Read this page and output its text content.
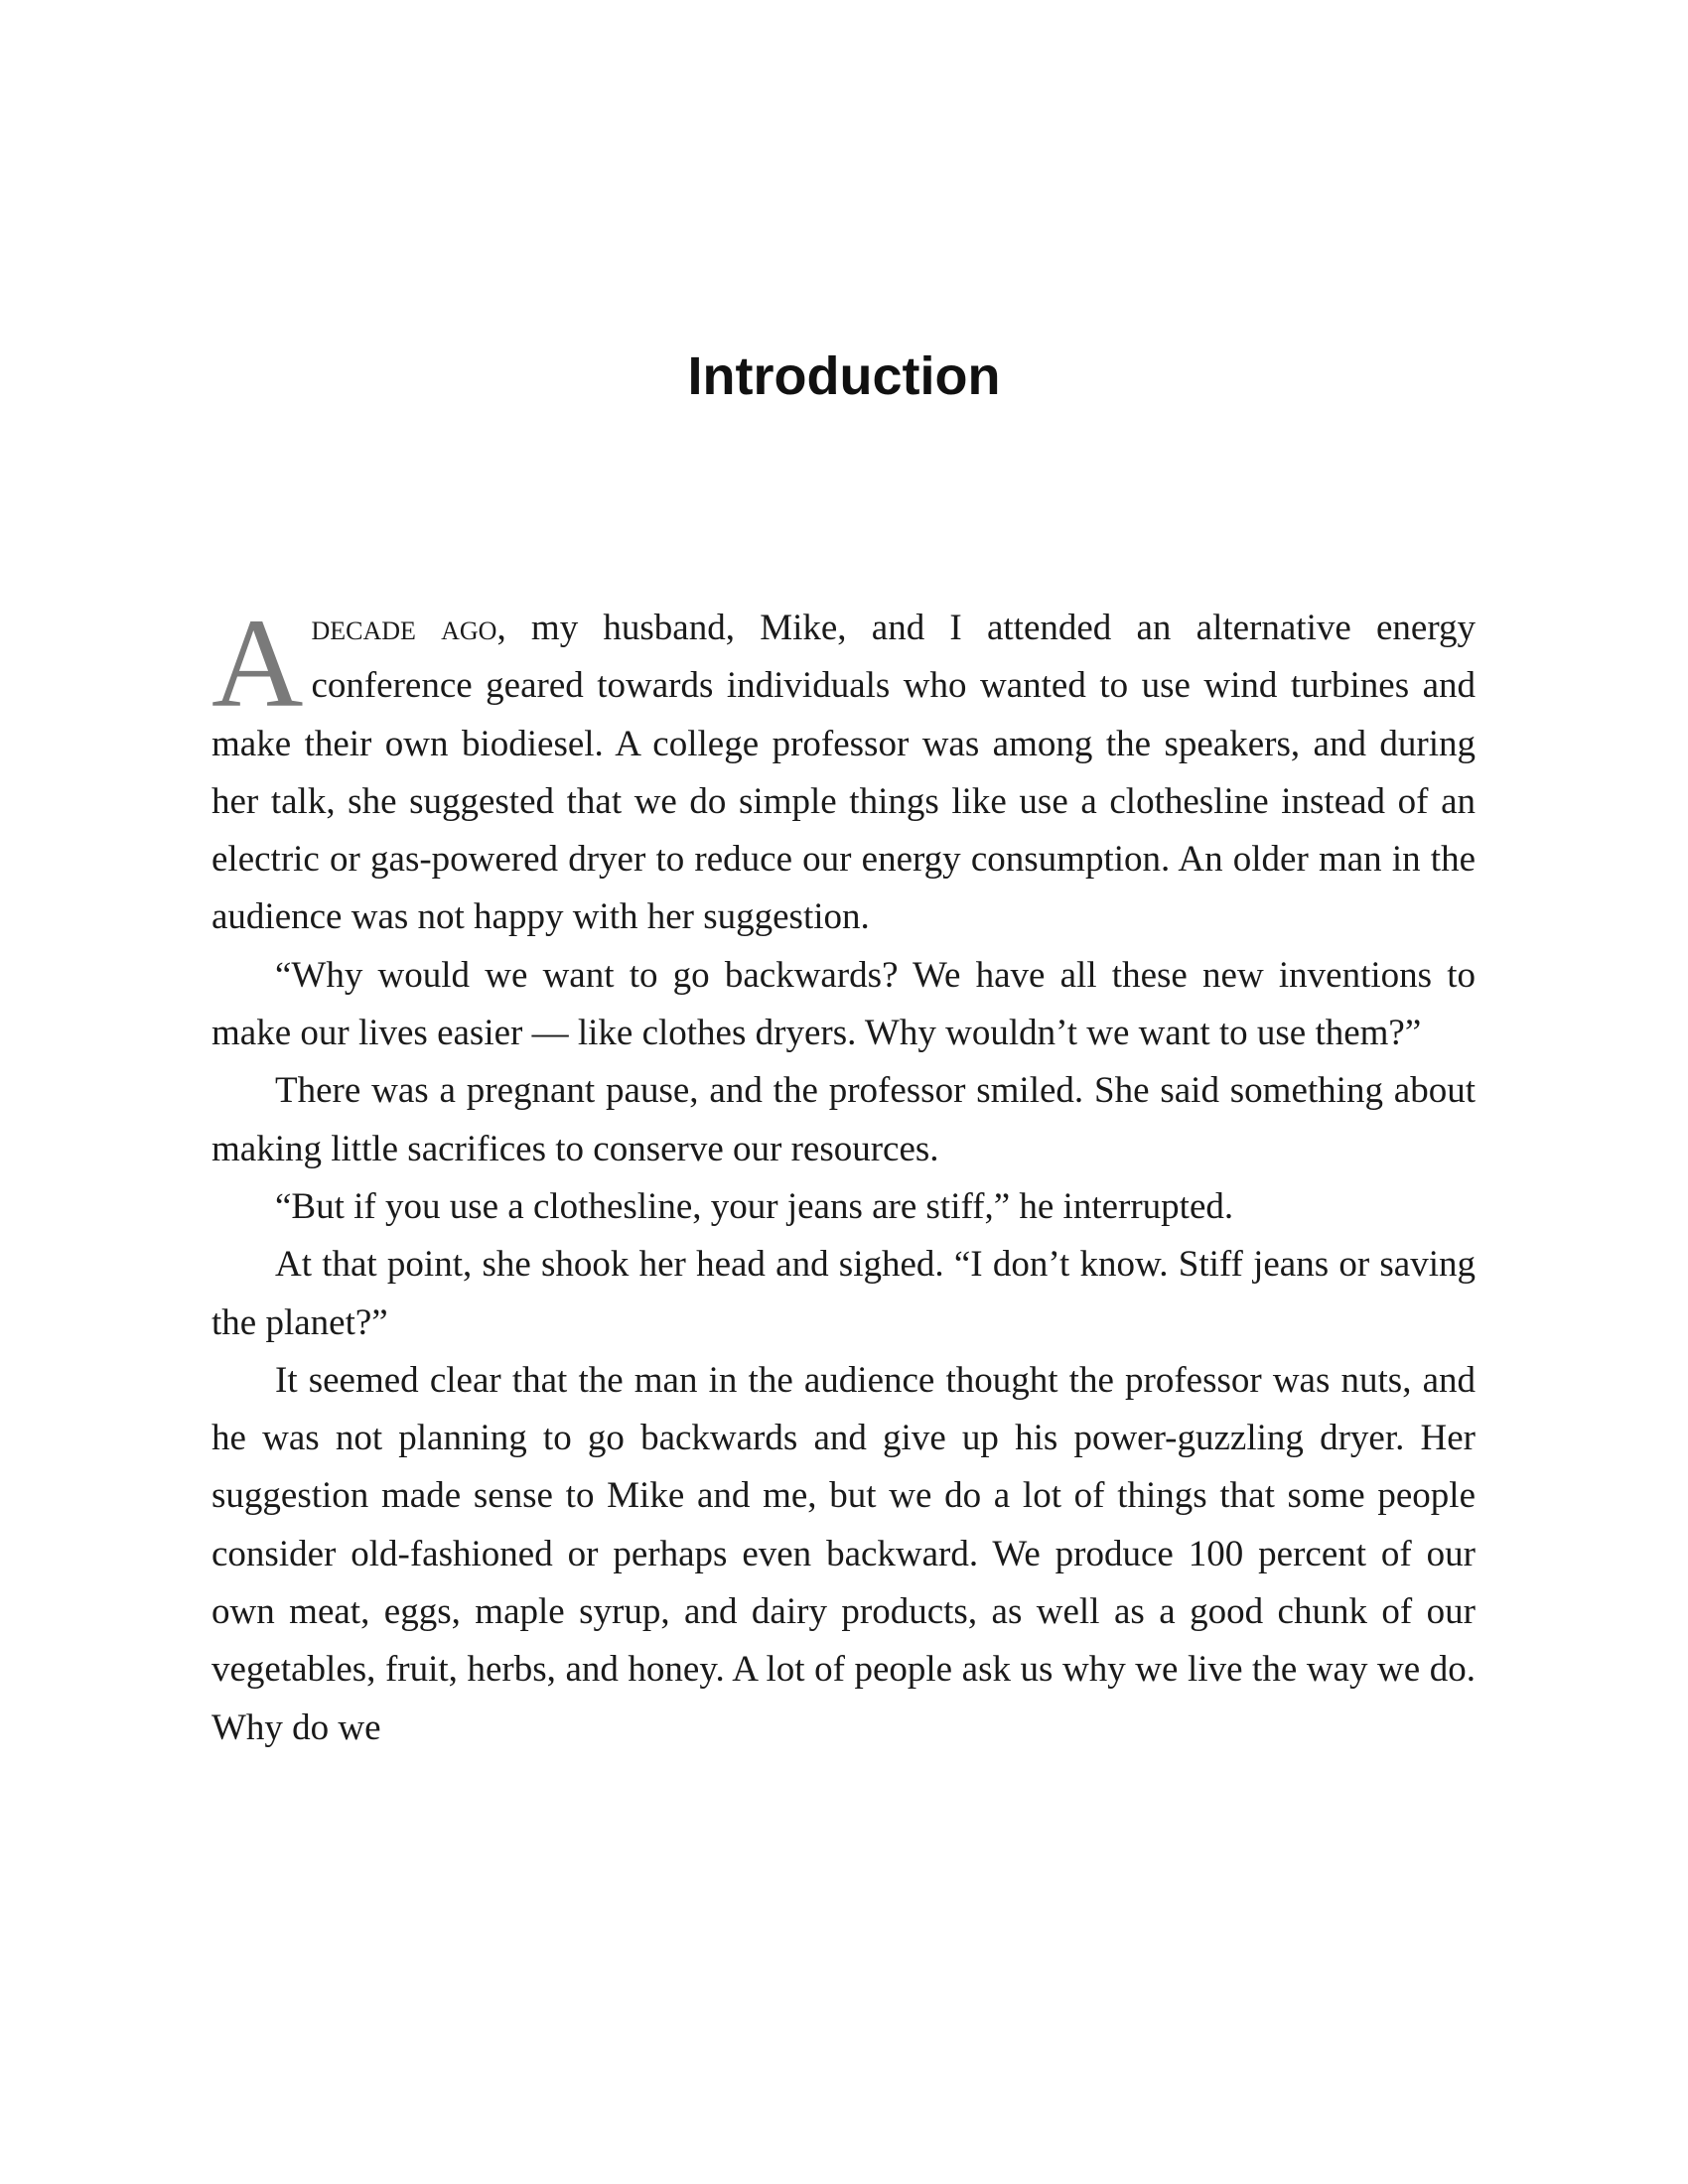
Introduction

Adecade ago, my husband, Mike, and I attended an alternative energy conference geared towards individuals who wanted to use wind turbines and make their own biodiesel. A college professor was among the speakers, and during her talk, she suggested that we do simple things like use a clothesline instead of an electric or gas-powered dryer to reduce our energy consumption. An older man in the audience was not happy with her suggestion.

“Why would we want to go backwards? We have all these new inventions to make our lives easier — like clothes dryers. Why wouldn’t we want to use them?”

There was a pregnant pause, and the professor smiled. She said something about making little sacrifices to conserve our resources.

“But if you use a clothesline, your jeans are stiff,” he interrupted.

At that point, she shook her head and sighed. “I don’t know. Stiff jeans or saving the planet?”

It seemed clear that the man in the audience thought the professor was nuts, and he was not planning to go backwards and give up his power-guzzling dryer. Her suggestion made sense to Mike and me, but we do a lot of things that some people consider old-fashioned or perhaps even backward. We produce 100 percent of our own meat, eggs, maple syrup, and dairy products, as well as a good chunk of our vegetables, fruit, herbs, and honey. A lot of people ask us why we live the way we do. Why do we
